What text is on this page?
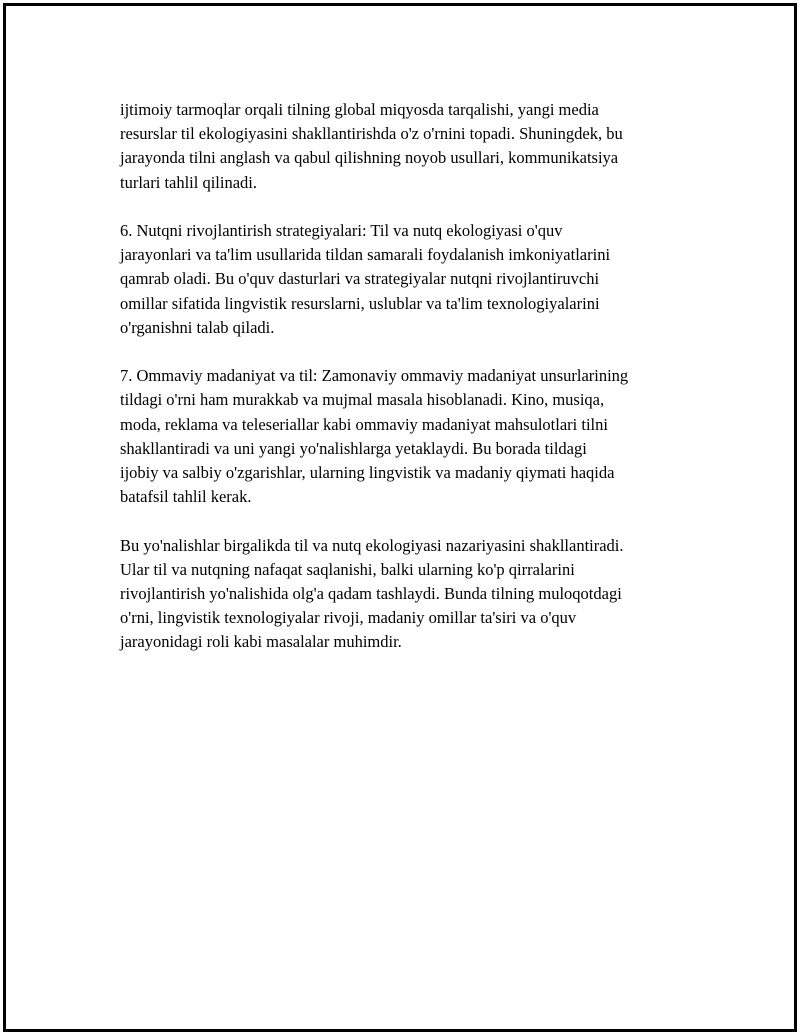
ijtimoiy tarmoqlar orqali tilning global miqyosda tarqalishi, yangi media
resurslar til ekologiyasini shakllantirishda o'z o'rnini topadi. Shuningdek, bu
jarayonda tilni anglash va qabul qilishning noyob usullari, kommunikatsiya
turlari tahlil qilinadi.

6. Nutqni rivojlantirish strategiyalari: Til va nutq ekologiyasi o'quv
jarayonlari va ta'lim usullarida tildan samarali foydalanish imkoniyatlarini
qamrab oladi. Bu o'quv dasturlari va strategiyalar nutqni rivojlantiruvchi
omillar sifatida lingvistik resurslarni, uslublar va ta'lim texnologiyalarini
o'rganishni talab qiladi.

7. Ommaviy madaniyat va til: Zamonaviy ommaviy madaniyat unsurlarining
tildagi o'rni ham murakkab va mujmal masala hisoblanadi. Kino, musiqa,
moda, reklama va teleseriallar kabi ommaviy madaniyat mahsulotlari tilni
shakllantiradi va uni yangi yo'nalishlarga yetaklaydi. Bu borada tildagi
ijobiy va salbiy o'zgarishlar, ularning lingvistik va madaniy qiymati haqida
batafsil tahlil kerak.

Bu yo'nalishlar birgalikda til va nutq ekologiyasi nazariyasini shakllantiradi.
Ular til va nutqning nafaqat saqlanishi, balki ularning ko'p qirralarini
rivojlantirish yo'nalishida olg'a qadam tashlaydi. Bunda tilning muloqotdagi
o'rni, lingvistik texnologiyalar rivoji, madaniy omillar ta'siri va o'quv
jarayonidagi roli kabi masalalar muhimdir.
